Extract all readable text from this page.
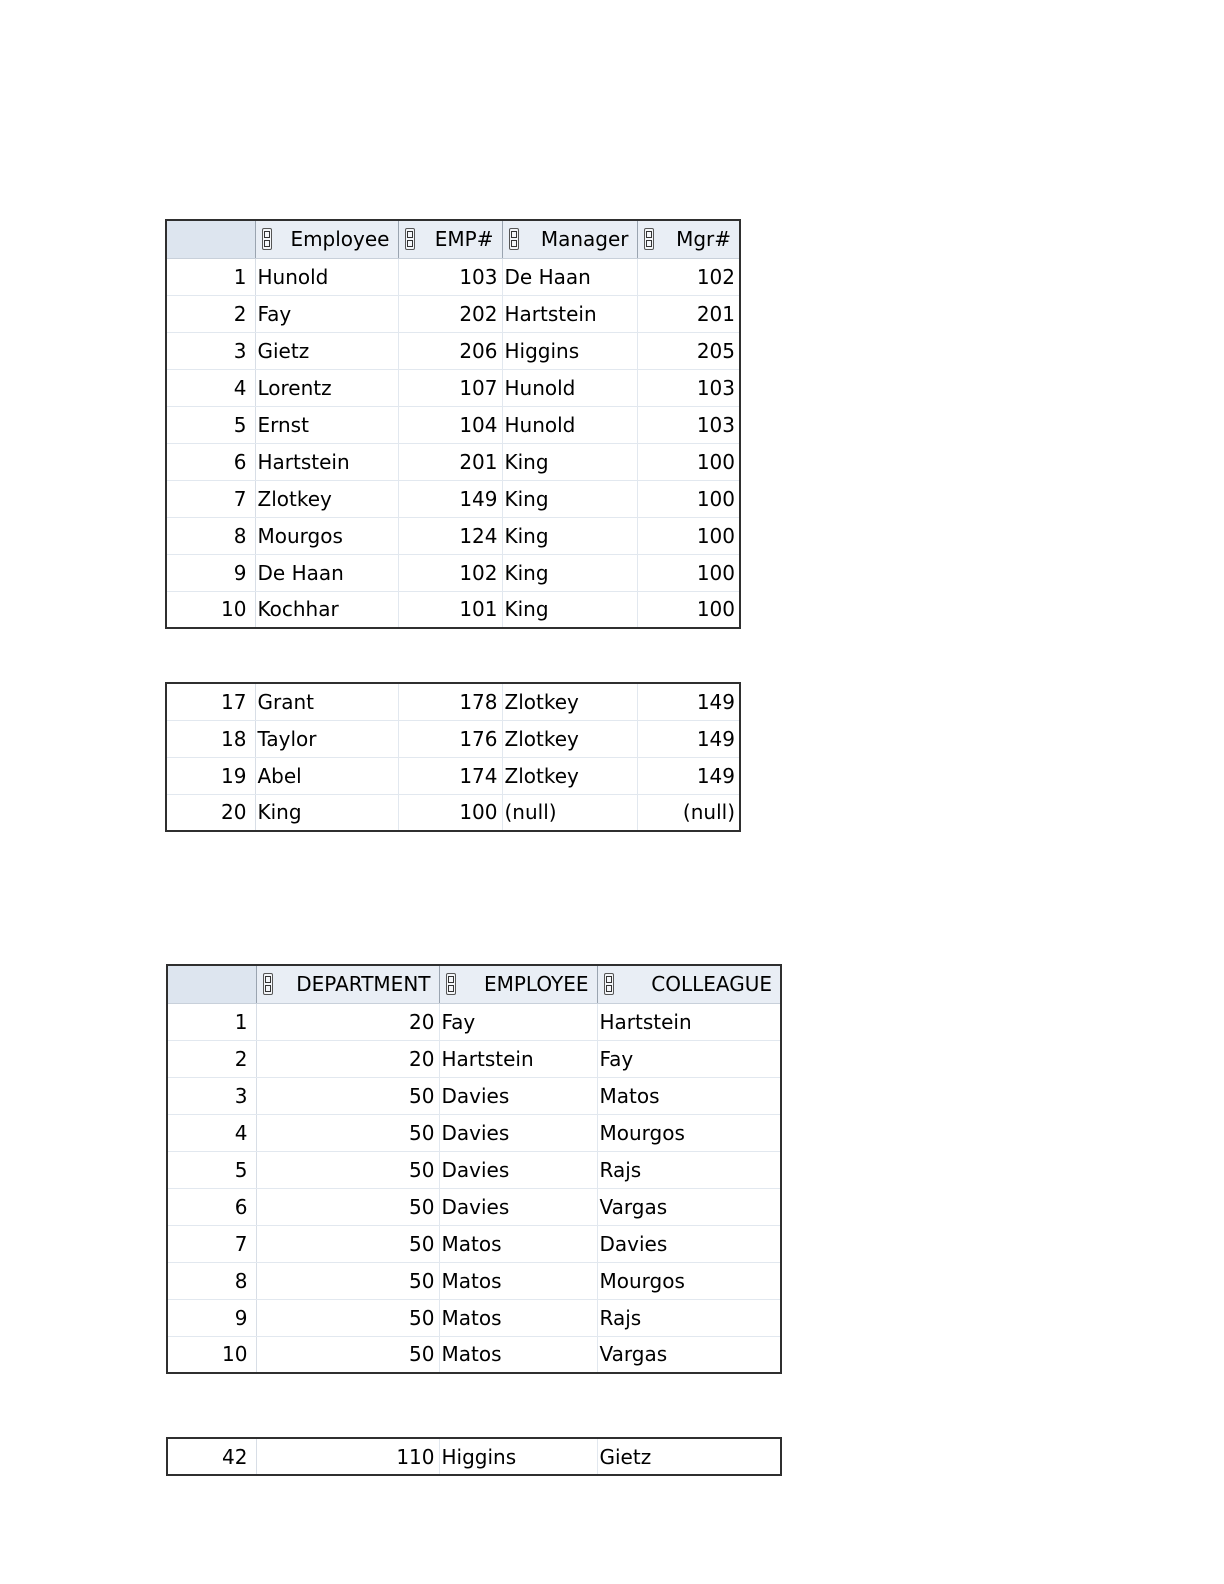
	Employee	EMP#	Manager	Mgr#

1	Hunold	103	De Haan	102
2	Fay	202	Hartstein	201
3	Gietz	206	Higgins	205
4	Lorentz	107	Hunold	103
5	Ernst	104	Hunold	103
6	Hartstein	201	King	100
7	Zlotkey	149	King	100
8	Mourgos	124	King	100
9	De Haan	102	King	100
10	Kochhar	101	King	100
17	Grant	178	Zlotkey	149
18	Taylor	176	Zlotkey	149
19	Abel	174	Zlotkey	149
20	King	100	(null)	(null)

	DEPARTMENT	EMPLOYEE	COLLEAGUE

1	20	Fay	Hartstein
2	20	Hartstein	Fay
3	50	Davies	Matos
4	50	Davies	Mourgos
5	50	Davies	Rajs
6	50	Davies	Vargas
7	50	Matos	Davies
8	50	Matos	Mourgos
9	50	Matos	Rajs
10	50	Matos	Vargas
42	110	Higgins	Gietz
